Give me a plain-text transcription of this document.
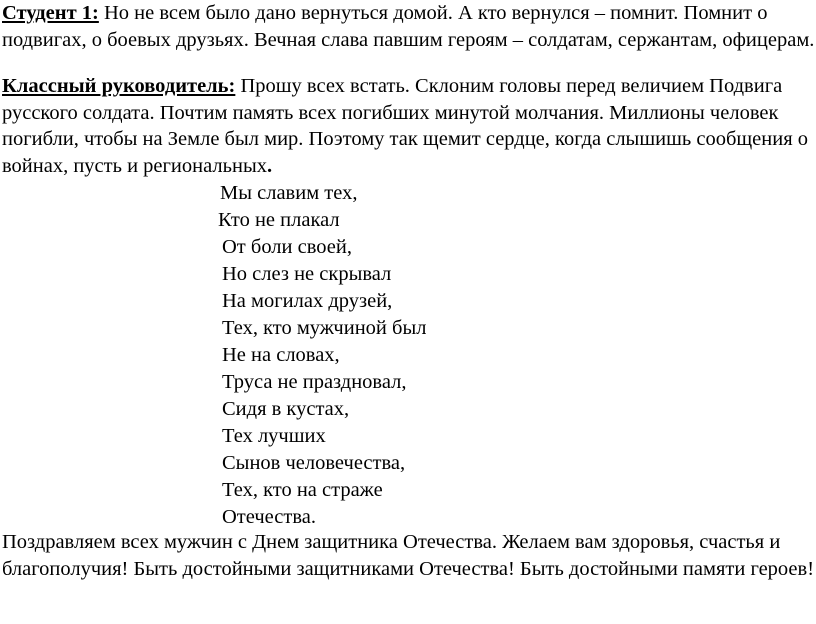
Студент 1: Но не всем было дано вернуться домой. А кто вернулся – помнит. Помнит о подвигах, о боевых друзьях. Вечная слава павшим героям – солдатам, сержантам, офицерам.
Классный руководитель: Прошу всех встать. Склоним головы перед величием Подвига русского солдата. Почтим память всех погибших минутой молчания. Миллионы человек погибли, чтобы на Земле был мир. Поэтому так щемит сердце, когда слышишь сообщения о войнах, пусть и региональных.
Мы славим тех,
Кто не плакал
От боли своей,
Но слез не скрывал
На могилах друзей,
Тех, кто мужчиной был
Не на словах,
Труса не праздновал,
Сидя в кустах,
Тех лучших
Сынов человечества,
Тех, кто на страже
Отечества.
Поздравляем всех мужчин с Днем защитника Отечества. Желаем вам здоровья, счастья и благополучия! Быть достойными защитниками Отечества! Быть достойными памяти героев!
